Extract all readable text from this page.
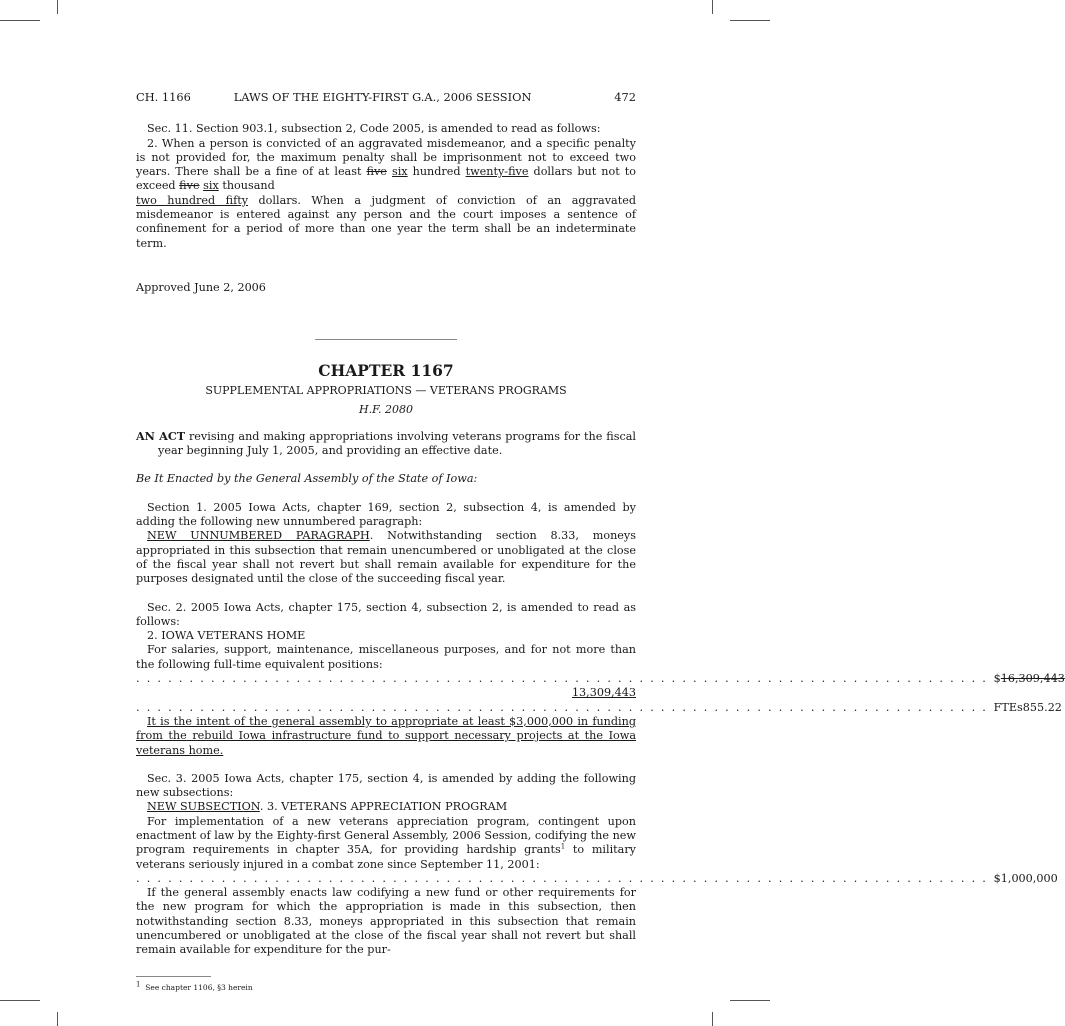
CH. 1166	LAWS OF THE EIGHTY-FIRST G.A., 2006 SESSION	472

Sec. 11. Section 903.1, subsection 2, Code 2005, is amended to read as follows:

2. When a person is convicted of an aggravated misdemeanor, and a specific penalty is not provided for, the maximum penalty shall be imprisonment not to exceed two years. There shall be a fine of at least five six hundred twenty-five dollars but not to exceed five six thousand
two hundred fifty dollars. When a judgment of conviction of an aggravated misdemeanor is entered against any person and the court imposes a sentence of confinement for a period of more than one year the term shall be an indeterminate term.

Approved June 2, 2006

CHAPTER 1167
SUPPLEMENTAL APPROPRIATIONS — VETERANS PROGRAMS
H.F. 2080

AN ACT revising and making appropriations involving veterans programs for the fiscal year beginning July 1, 2005, and providing an effective date.

Be It Enacted by the General Assembly of the State of Iowa:

Section 1. 2005 Iowa Acts, chapter 169, section 2, subsection 4, is amended by adding the following new unnumbered paragraph:

NEW UNNUMBERED PARAGRAPH. Notwithstanding section 8.33, moneys appropriated in this subsection that remain unencumbered or unobligated at the close of the fiscal year shall not revert but shall remain available for expenditure for the purposes designated until the close of the succeeding fiscal year.

Sec. 2. 2005 Iowa Acts, chapter 175, section 4, subsection 2, is amended to read as follows:

2. IOWA VETERANS HOME

For salaries, support, maintenance, miscellaneous purposes, and for not more than the following full-time equivalent positions:

. . . . . . . . . . . . . . . . . . . . . . . . . . . . . . . . . . . . . . . . . . . . . . . . . . . . . . . . . . . . . . . . . . . . . . . . . . . . . . . . $ 16,309,443
13,309,443
. . . . . . . . . . . . . . . . . . . . . . . . . . . . . . . . . . . . . . . . . . . . . . . . . . . . . . . . . . . . . . . . . . . . . . . . . . . . . . . . FTEs 855.22

It is the intent of the general assembly to appropriate at least $3,000,000 in funding from the rebuild Iowa infrastructure fund to support necessary projects at the Iowa veterans home.

Sec. 3. 2005 Iowa Acts, chapter 175, section 4, is amended by adding the following new subsections:

NEW SUBSECTION. 3. VETERANS APPRECIATION PROGRAM

For implementation of a new veterans appreciation program, contingent upon enactment of law by the Eighty-first General Assembly, 2006 Session, codifying the new program requirements in chapter 35A, for providing hardship grants$^1$ to military veterans seriously injured in a combat zone since September 11, 2001:

. . . . . . . . . . . . . . . . . . . . . . . . . . . . . . . . . . . . . . . . . . . . . . . . . . . . . . . . . . . . . . . . . . . . . . . . . . . . . . . . $ 1,000,000

If the general assembly enacts law codifying a new fund or other requirements for the new program for which the appropriation is made in this subsection, then notwithstanding section 8.33, moneys appropriated in this subsection that remain unencumbered or unobligated at the close of the fiscal year shall not revert but shall remain available for expenditure for the pur-

$^1$ See chapter 1106, §3 herein
